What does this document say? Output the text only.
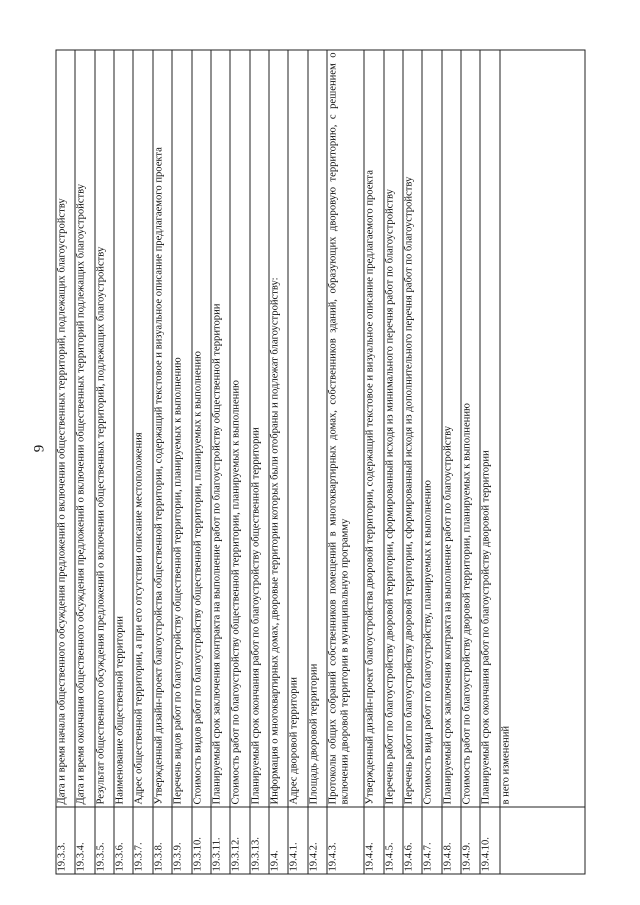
9
19.3.3.	Дата и время начала общественного обсуждения предложений о включении общественных территорий, подлежащих благоустройству
19.3.4.	Дата и время окончания общественного обсуждения предложений о включении общественных территорий подлежащих благоустройству
19.3.5.	Результат общественного обсуждения предложений о включении общественных территорий, подлежащих благоустройству
19.3.6.	Наименование общественной территории
19.3.7.	Адрес общественной территории, а при его отсутствии описание местоположения
19.3.8.	Утвержденный дизайн-проект благоустройства общественной территории, содержащий текстовое и визуальное описание предлагаемого проекта
19.3.9.	Перечень видов работ по благоустройству общественной территории, планируемых к выполнению
19.3.10.	Стоимость видов работ по благоустройству общественной территории, планируемых к выполнению
19.3.11.	Планируемый срок заключения контракта на выполнение работ по благоустройству общественной территории
19.3.12.	Стоимость работ по благоустройству общественной территории, планируемых к выполнению
19.3.13.	Планируемый срок окончания работ по благоустройству общественной территории
19.4.	Информация о многоквартирных домах, дворовые территории которых были отобраны и подлежат благоустройству:
19.4.1.	Адрес дворовой территории
19.4.2.	Площадь дворовой территории
19.4.3.	Протоколы общих собраний собственников помещений в многоквартирных домах, собственников зданий, образующих дворовую территорию, с решением о включении дворовой территории в муниципальную программу
19.4.4.	Утвержденный дизайн-проект благоустройства дворовой территории, содержащий текстовое и визуальное описание предлагаемого проекта
19.4.5.	Перечень работ по благоустройству дворовой территории, сформированный исходя из минимального перечня работ по благоустройству
19.4.6.	Перечень работ по благоустройству дворовой территории, сформированный исходя из дополнительного перечня работ по благоустройству
19.4.7.	Стоимость вида работ по благоустройству, планируемых к выполнению
19.4.8.	Планируемый срок заключения контракта на выполнение работ по благоустройству
19.4.9.	Стоимость работ по благоустройству дворовой территории, планируемых к выполнению
19.4.10.	Планируемый срок окончания работ по благоустройству дворовой территории
	в него изменений
